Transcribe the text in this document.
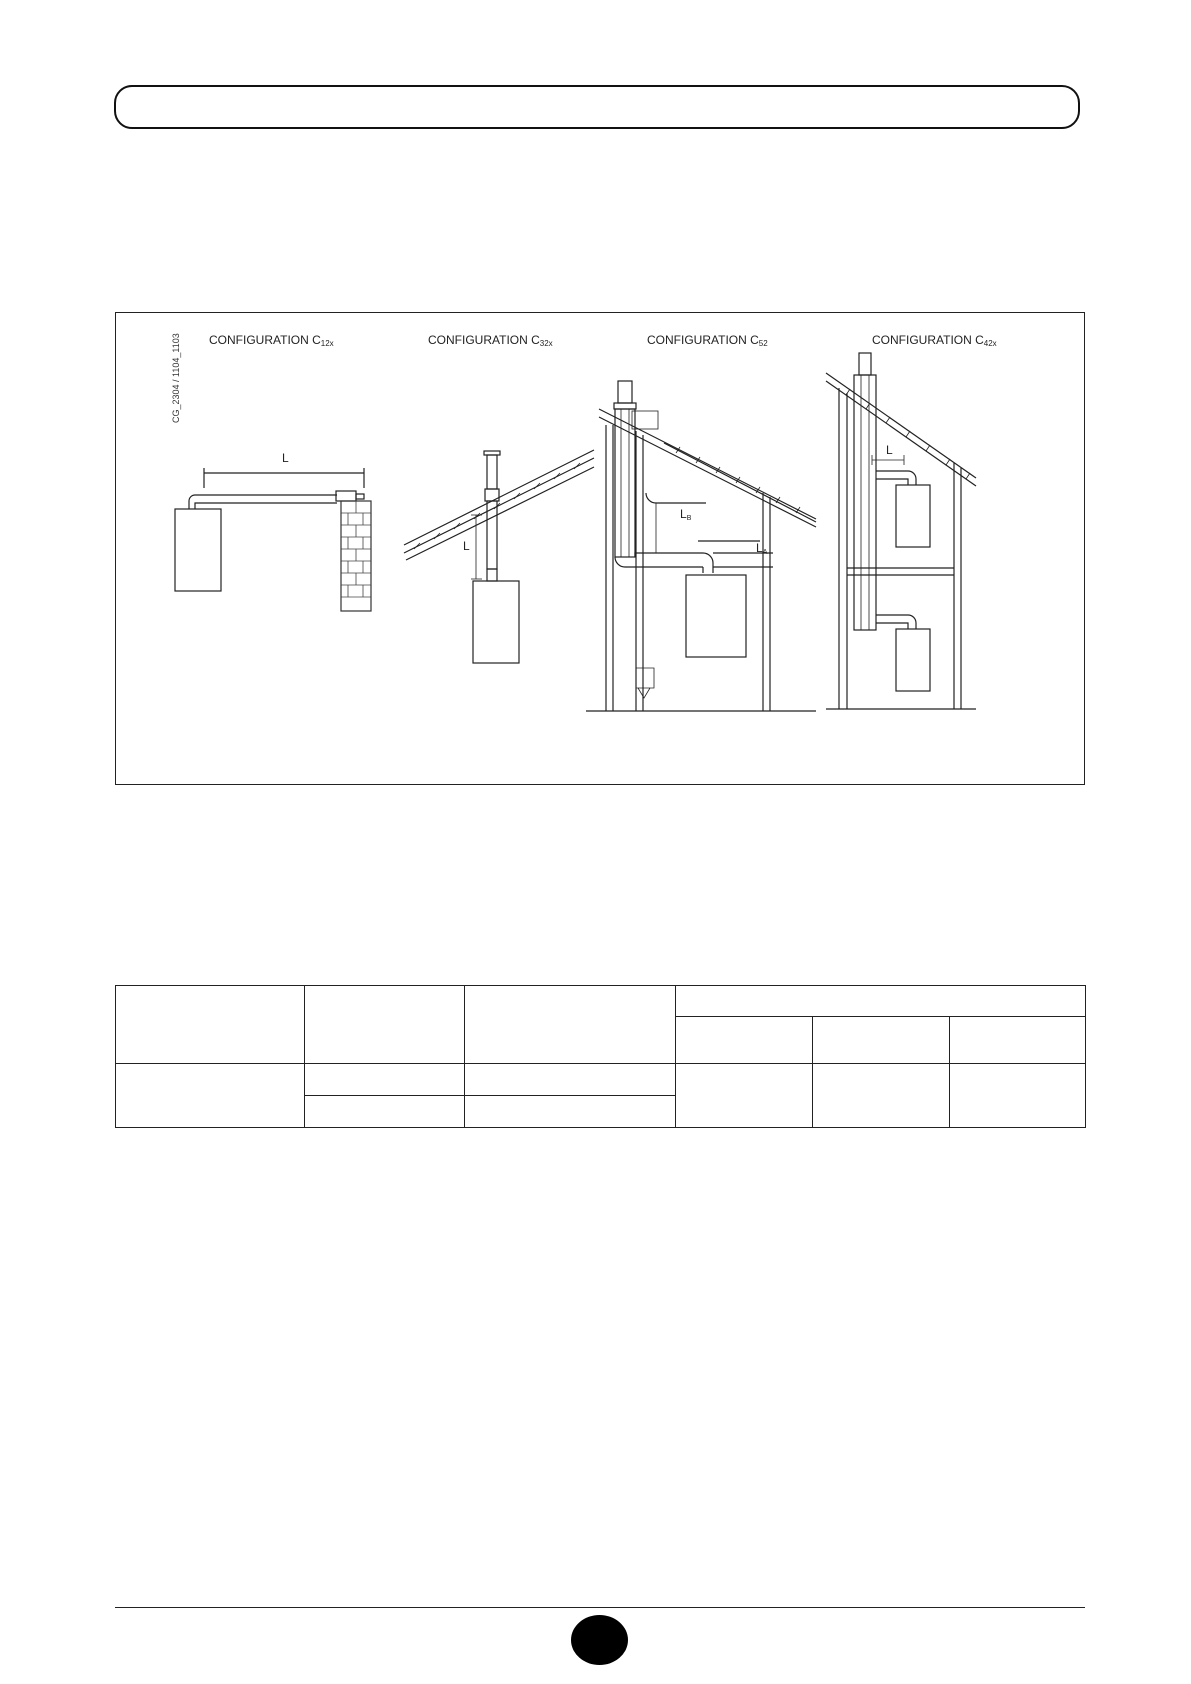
CG_2304 / 1104_1103 CONFIGURATION $C_{12x}$	CONFIGURATION $C_{32x}$	CONFIGURATION $C_{52}$	CONFIGURATION $C_{42x}$
L
L
$L_B$
$L_A$
L
